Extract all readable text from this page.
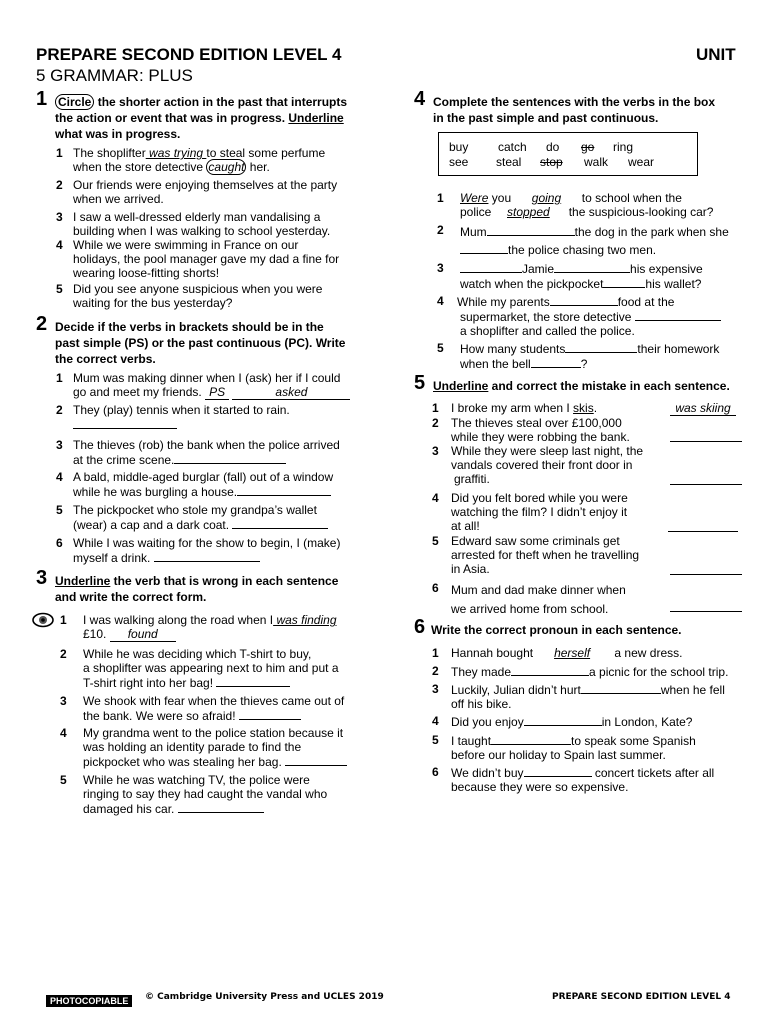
PREPARE SECOND EDITION LEVEL 4	UNIT
5 GRAMMAR: PLUS
1 Circle the shorter action in the past that interrupts
the action or event that was in progress. Underline
what was in progress.
1 The shoplifter was trying to steal some perfume
when the store detective caught her.
2 Our friends were enjoying themselves at the party
when we arrived.
3 I saw a well-dressed elderly man vandalising a
building when I was walking to school yesterday.
4 While we were swimming in France on our
holidays, the pool manager gave my dad a fine for
wearing loose-fitting shorts!
5 Did you see anyone suspicious when you were
waiting for the bus yesterday?
2 Decide if the verbs in brackets should be in the
past simple (PS) or the past continuous (PC). Write
the correct verbs.
1 Mum was making dinner when I (ask) her if I could
go and meet my friends. PS	asked
2 They (play) tennis when it started to rain.

3 The thieves (rob) the bank when the police arrived
at the crime scene.
4 A bald, middle-aged burglar (fall) out of a window
while he was burgling a house.
5 The pickpocket who stole my grandpa’s wallet
(wear) a cap and a dark coat.
6 While I was waiting for the show to begin, I (make)
myself a drink.
3 Underline the verb that is wrong in each sentence
and write the correct form.
1 I was walking along the road when I was finding
£10. found
2 While he was deciding which T-shirt to buy,
a shoplifter was appearing next to him and put a
T-shirt right into her bag!
3 We shook with fear when the thieves came out of
the bank. We were so afraid!
4 My grandma went to the police station because it
was holding an identity parade to find the
pickpocket who was stealing her bag.
5 While he was watching TV, the police were
ringing to say they had caught the vandal who
damaged his car.
4 Complete the sentences with the verbs in the box
in the past simple and past continuous.
buy catch do go ring
see steal stop walk wear
1 Were you going to school when the
police stopped the suspicious-looking car?
2 Mum	the dog in the park when she
the police chasing two men.
3	Jamie	his expensive
watch when the pickpocket	his wallet?
4 While my parents	food at the
supermarket, the store detective
a shoplifter and called the police.
5 How many students	their homework
when the bell	?
5 Underline and correct the mistake in each sentence.
1 I broke my arm when I skis.	was skiing
2 The thieves steal over £100,000
while they were robbing the bank.
3 While they were sleep last night, the
vandals covered their front door in
graffiti.
4 Did you felt bored while you were
watching the film? I didn’t enjoy it
at all!
5 Edward saw some criminals get
arrested for theft when he travelling
in Asia.
6 Mum and dad make dinner when
we arrived home from school.
6 Write the correct pronoun in each sentence.
1 Hannah bought herself a new dress.
2 They made	a picnic for the school trip.
3 Luckily, Julian didn’t hurt	when he fell
off his bike.
4 Did you enjoy	in London, Kate?
5 I taught	to speak some Spanish
before our holiday to Spain last summer.
6 We didn’t buy	concert tickets after all
because they were so expensive.
PHOTOCOPIABLE	© Cambridge University Press and UCLES 2019	PREPARE SECOND EDITION LEVEL 4
